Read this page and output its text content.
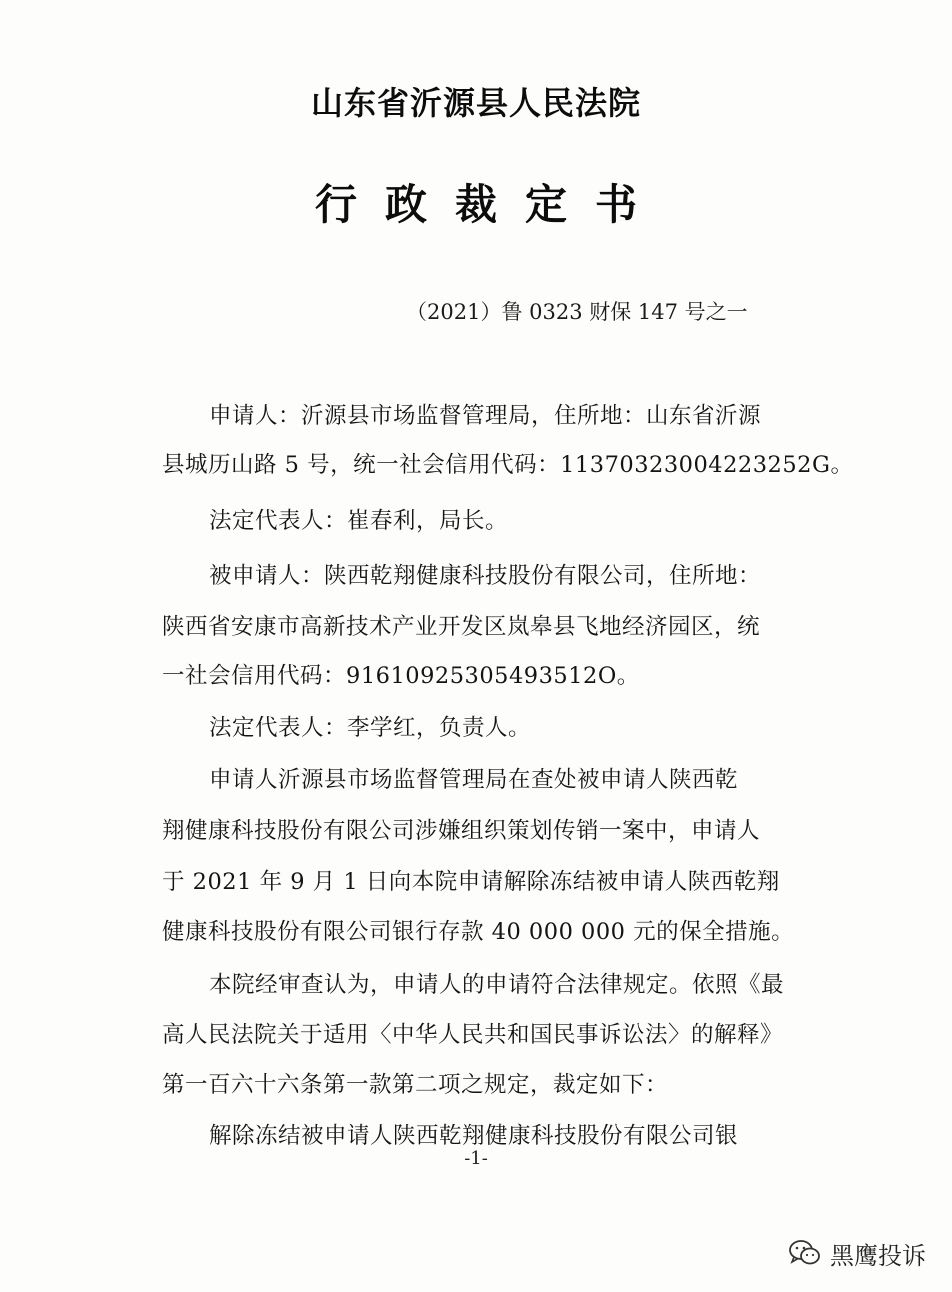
山东省沂源县人民法院
行政裁定书
（2021）鲁 0323 财保 147 号之一
申请人：沂源县市场监督管理局，住所地：山东省沂源
县城历山路 5 号，统一社会信用代码：11370323004223252G。
法定代表人：崔春利，局长。
被申请人：陕西乾翔健康科技股份有限公司，住所地：
陕西省安康市高新技术产业开发区岚皋县飞地经济园区，统
一社会信用代码：91610925305493512O。
法定代表人：李学红，负责人。
申请人沂源县市场监督管理局在查处被申请人陕西乾
翔健康科技股份有限公司涉嫌组织策划传销一案中，申请人
于 2021 年 9 月 1 日向本院申请解除冻结被申请人陕西乾翔
健康科技股份有限公司银行存款 40 000 000 元的保全措施。
本院经审查认为，申请人的申请符合法律规定。依照《最
高人民法院关于适用〈中华人民共和国民事诉讼法〉的解释》
第一百六十六条第一款第二项之规定，裁定如下：
解除冻结被申请人陕西乾翔健康科技股份有限公司银
-1-
黑鹰投诉
